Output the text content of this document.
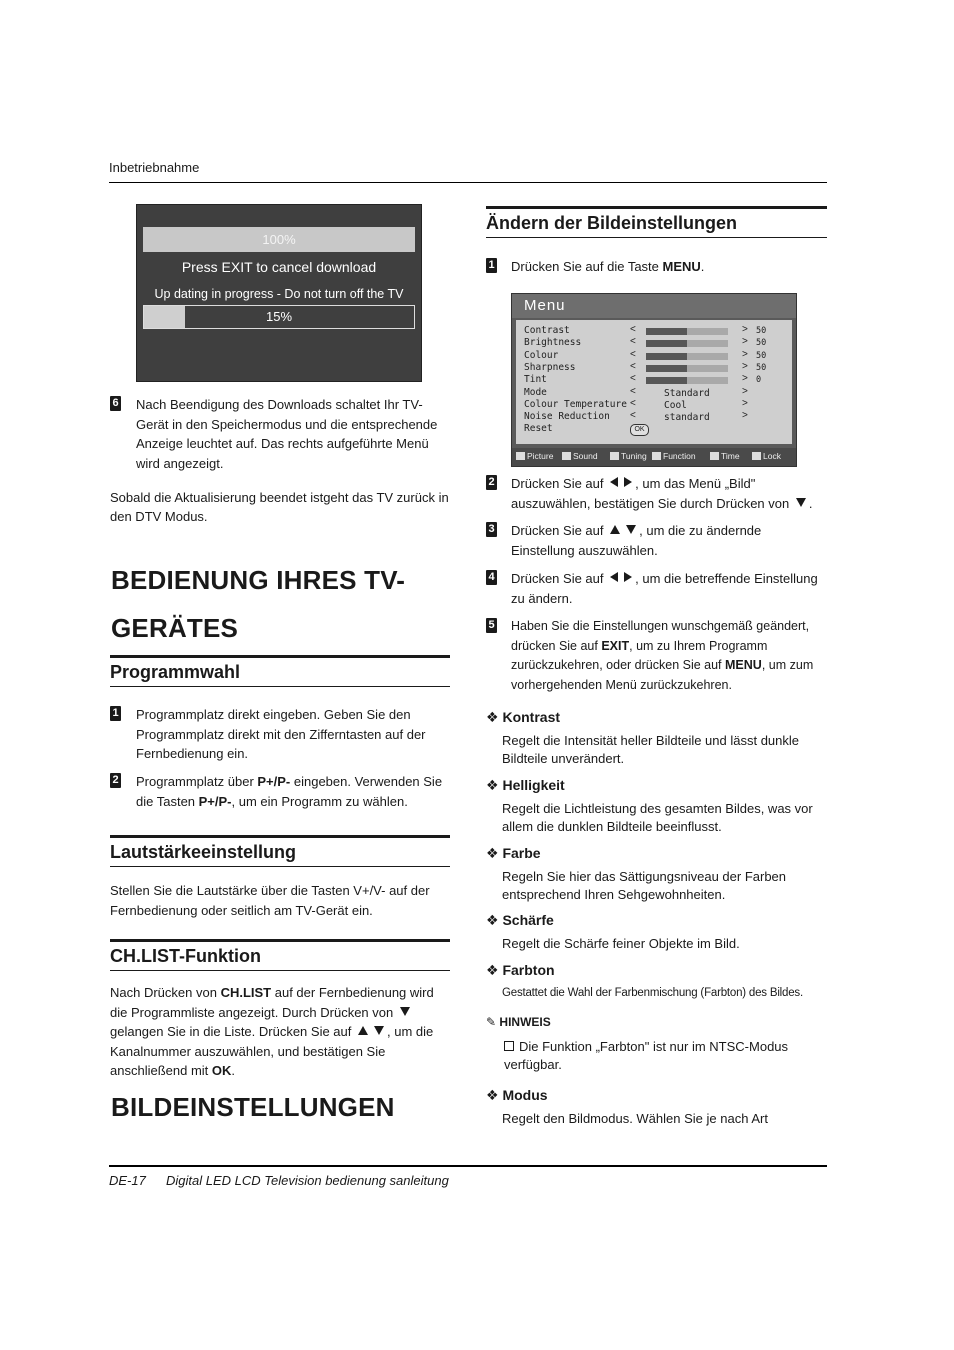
Inbetriebnahme
100%
Press EXIT to cancel download
Up dating in progress - Do not turn off the TV
15%
6 Nach Beendigung des Downloads schaltet Ihr TV-Gerät in den Speichermodus und die entsprechende Anzeige leuchtet auf. Das rechts aufgeführte Menü wird angezeigt.
Sobald die Aktualisierung beendet istgeht das TV zurück in den DTV Modus.
BEDIENUNG IHRES TV-GERÄTES
Programmwahl
1 Programmplatz direkt eingeben. Geben Sie den Programmplatz direkt mit den Zifferntasten auf der Fernbedienung ein.
2 Programmplatz über P+/P- eingeben. Verwenden Sie die Tasten P+/P-, um ein Programm zu wählen.
Lautstärkeeinstellung
Stellen Sie die Lautstärke über die Tasten V+/V- auf der Fernbedienung oder seitlich am TV-Gerät ein.
CH.LIST-Funktion
Nach Drücken von CH.LIST auf der Fernbedienung wird die Programmliste angezeigt. Durch Drücken von  gelangen Sie in die Liste. Drücken Sie auf	, um die Kanalnummer auszuwählen, und bestätigen Sie anschließend mit OK.
BILDEINSTELLUNGEN
Ändern der Bildeinstellungen
1 Drücken Sie auf die Taste MENU.
Menu
Contrast	<	> 50
Brightness	<	> 50
Colour	<	> 50
Sharpness	<	> 50
Tint	<	> 0
Mode	<	Standard	>
Colour Temperature <	Cool	>
Noise Reduction <	standard	>
Reset	OK
Picture	Sound	Tuning	Function	Time	Lock
2 Drücken Sie auf , um das Menü „Bild" auszuwählen, bestätigen Sie durch Drücken von .
3 Drücken Sie auf	, um die zu ändernde Einstellung auszuwählen.
4 Drücken Sie auf , um die betreffende Einstellung zu ändern.
5 Haben Sie die Einstellungen wunschgemäß geändert, drücken Sie auf EXIT, um zu Ihrem Programm zurückzukehren, oder drücken Sie auf MENU, um zum vorhergehenden Menü zurückzukehren.
❖ Kontrast
Regelt die Intensität heller Bildteile und lässt dunkle Bildteile unverändert.
❖ Helligkeit
Regelt die Lichtleistung des gesamten Bildes, was vor allem die dunklen Bildteile beeinflusst.
❖ Farbe
Regeln Sie hier das Sättigungsniveau der Farben entsprechend Ihren Sehgewohnheiten.
❖ Schärfe
Regelt die Schärfe feiner Objekte im Bild.
❖ Farbton
Gestattet die Wahl der Farbenmischung (Farbton) des Bildes.
✎ HINWEIS
Die Funktion „Farbton" ist nur im NTSC-Modus verfügbar.
❖ Modus
Regelt den Bildmodus. Wählen Sie je nach Art
DE-17 Digital LED LCD Television bedienung sanleitung
